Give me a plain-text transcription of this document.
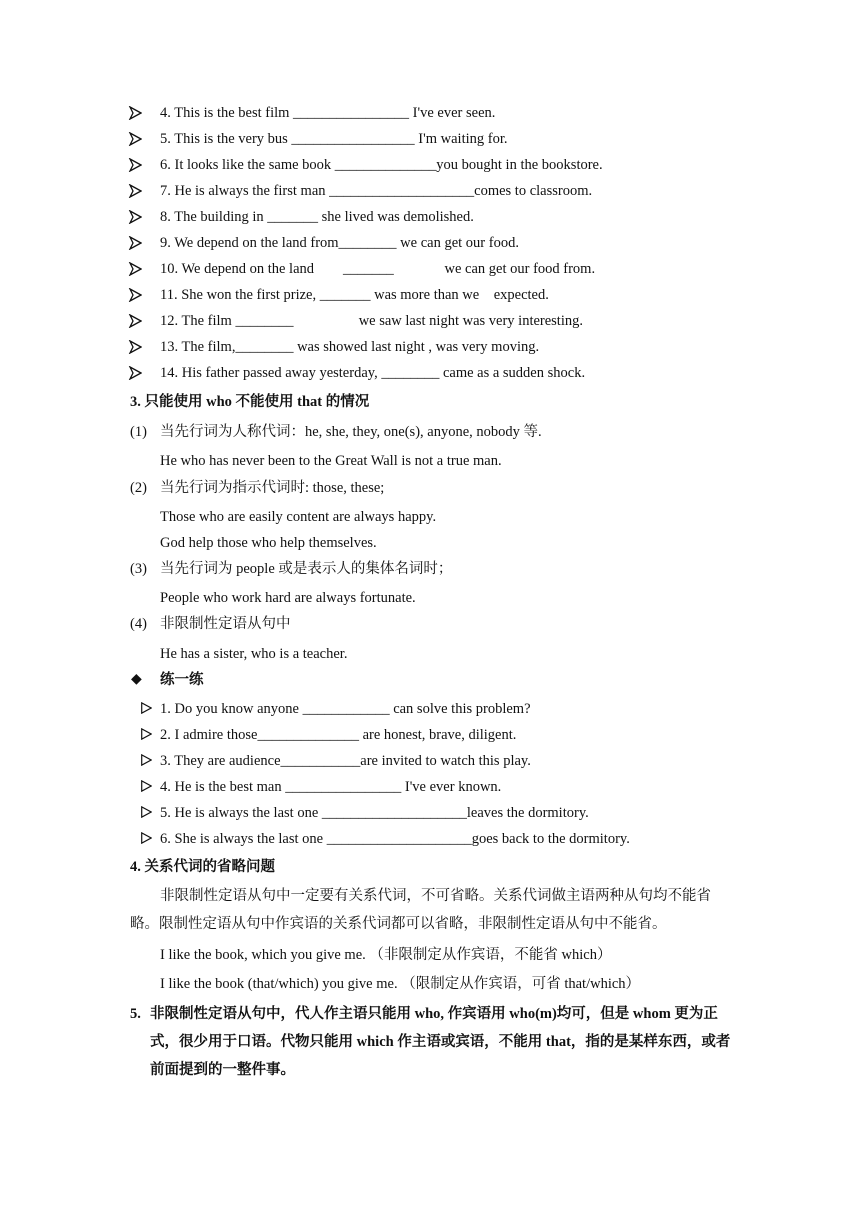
4. This is the best film ________________ I've ever seen.
5. This is the very bus _________________ I'm waiting for.
6. It looks like the same book ______________you bought in the bookstore.
7. He is always the first man ____________________comes to classroom.
8. The building in _______ she lived was demolished.
9. We depend on the land from________ we can get our food.
10. We depend on the land        _______              we can get our food from.
11. She won the first prize, _______ was more than we    expected.
12. The film ________                  we saw last night was very interesting.
13. The film,________ was showed last night , was very moving.
14. His father passed away yesterday, ________ came as a sudden shock.
3. 只能使用 who 不能使用 that 的情况
(1) 当先行词为人称代词：he, she, they, one(s), anyone, nobody 等.
He who has never been to the Great Wall is not a true man.
(2) 当先行词为指示代词时: those, these;
Those who are easily content are always happy.
God help those who help themselves.
(3) 当先行词为 people 或是表示人的集体名词时；
People who work hard are always fortunate.
(4) 非限制性定语从句中
He has a sister, who is a teacher.
◆ 练一练
1. Do you know anyone ____________ can solve this problem?
2. I admire those______________ are honest, brave, diligent.
3. They are audience___________are invited to watch this play.
4. He is the best man ________________ I've ever known.
5. He is always the last one ____________________leaves the dormitory.
6. She is always the last one ____________________goes back to the dormitory.
4. 关系代词的省略问题
非限制性定语从句中一定要有关系代词，不可省略。关系代词做主语两种从句均不能省略。限制性定语从句中作宾语的关系代词都可以省略，非限制性定语从句中不能省。
I like the book, which you give me. （非限制定从作宾语，不能省 which）
I like the book (that/which) you give me. （限制定从作宾语，可省 that/which）
5. 非限制性定语从句中，代人作主语只能用 who, 作宾语用 who(m)均可，但是 whom 更为正式，很少用于口语。代物只能用 which 作主语或宾语，不能用 that，指的是某样东西，或者前面提到的一整件事。
